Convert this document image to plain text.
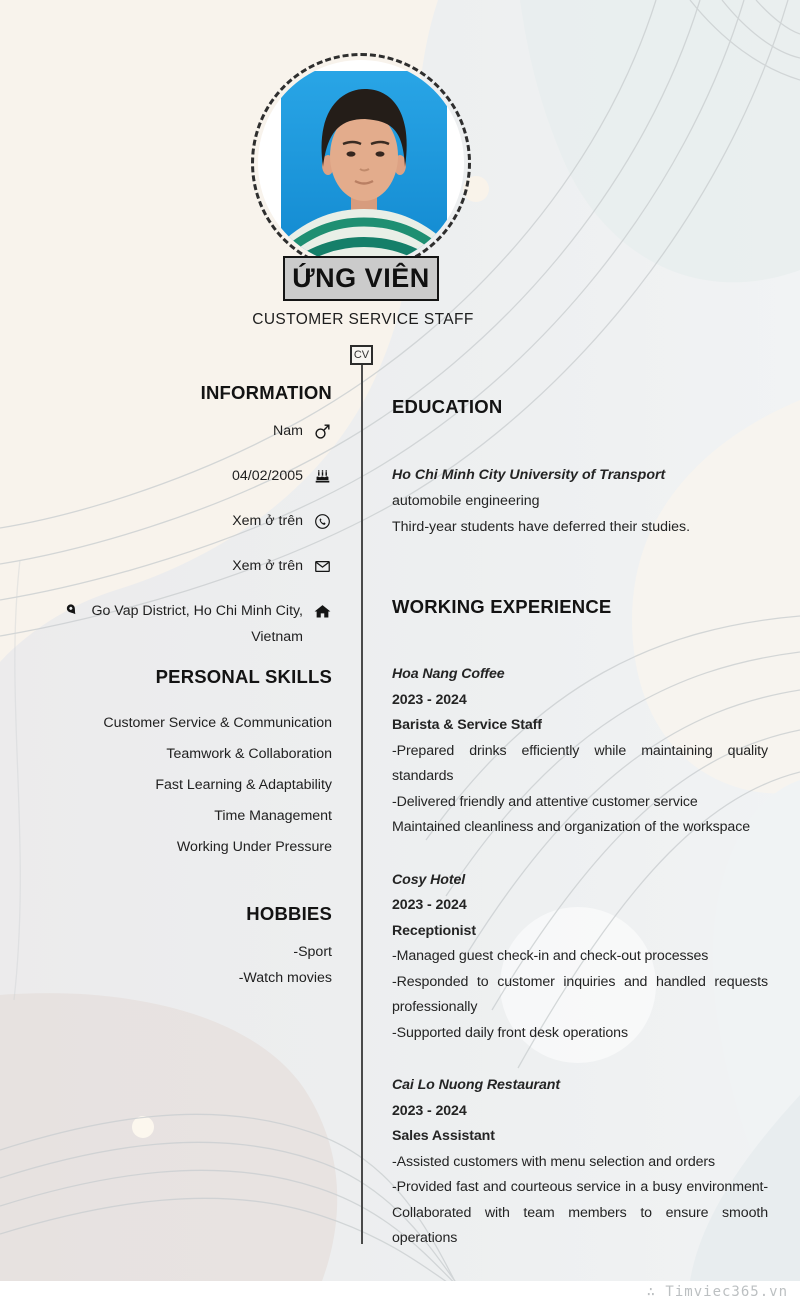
ỨNG VIÊN
CUSTOMER SERVICE STAFF
CV
INFORMATION
Nam
04/02/2005
Xem ở trên
Xem ở trên
Go Vap District, Ho Chi Minh City,
Vietnam
PERSONAL SKILLS
Customer Service & Communication
Teamwork & Collaboration
Fast Learning & Adaptability
Time Management
Working Under Pressure
HOBBIES
-Sport
-Watch movies
EDUCATION
Ho Chi Minh City University of Transport
automobile engineering
Third-year students have deferred their studies.
WORKING EXPERIENCE
Hoa Nang Coffee
2023 - 2024
Barista & Service Staff

-Prepared drinks efficiently while maintaining quality standards

-Delivered friendly and attentive customer service

Maintained cleanliness and organization of the workspace

Cosy Hotel
2023 - 2024
Receptionist

-Managed guest check-in and check-out processes

-Responded to customer inquiries and handled requests professionally

-Supported daily front desk operations

Cai Lo Nuong Restaurant
2023 - 2024
Sales Assistant

-Assisted customers with menu selection and orders

-Provided fast and courteous service in a busy environment-Collaborated with team members to ensure smooth operations

∴ Timviec365.vn
